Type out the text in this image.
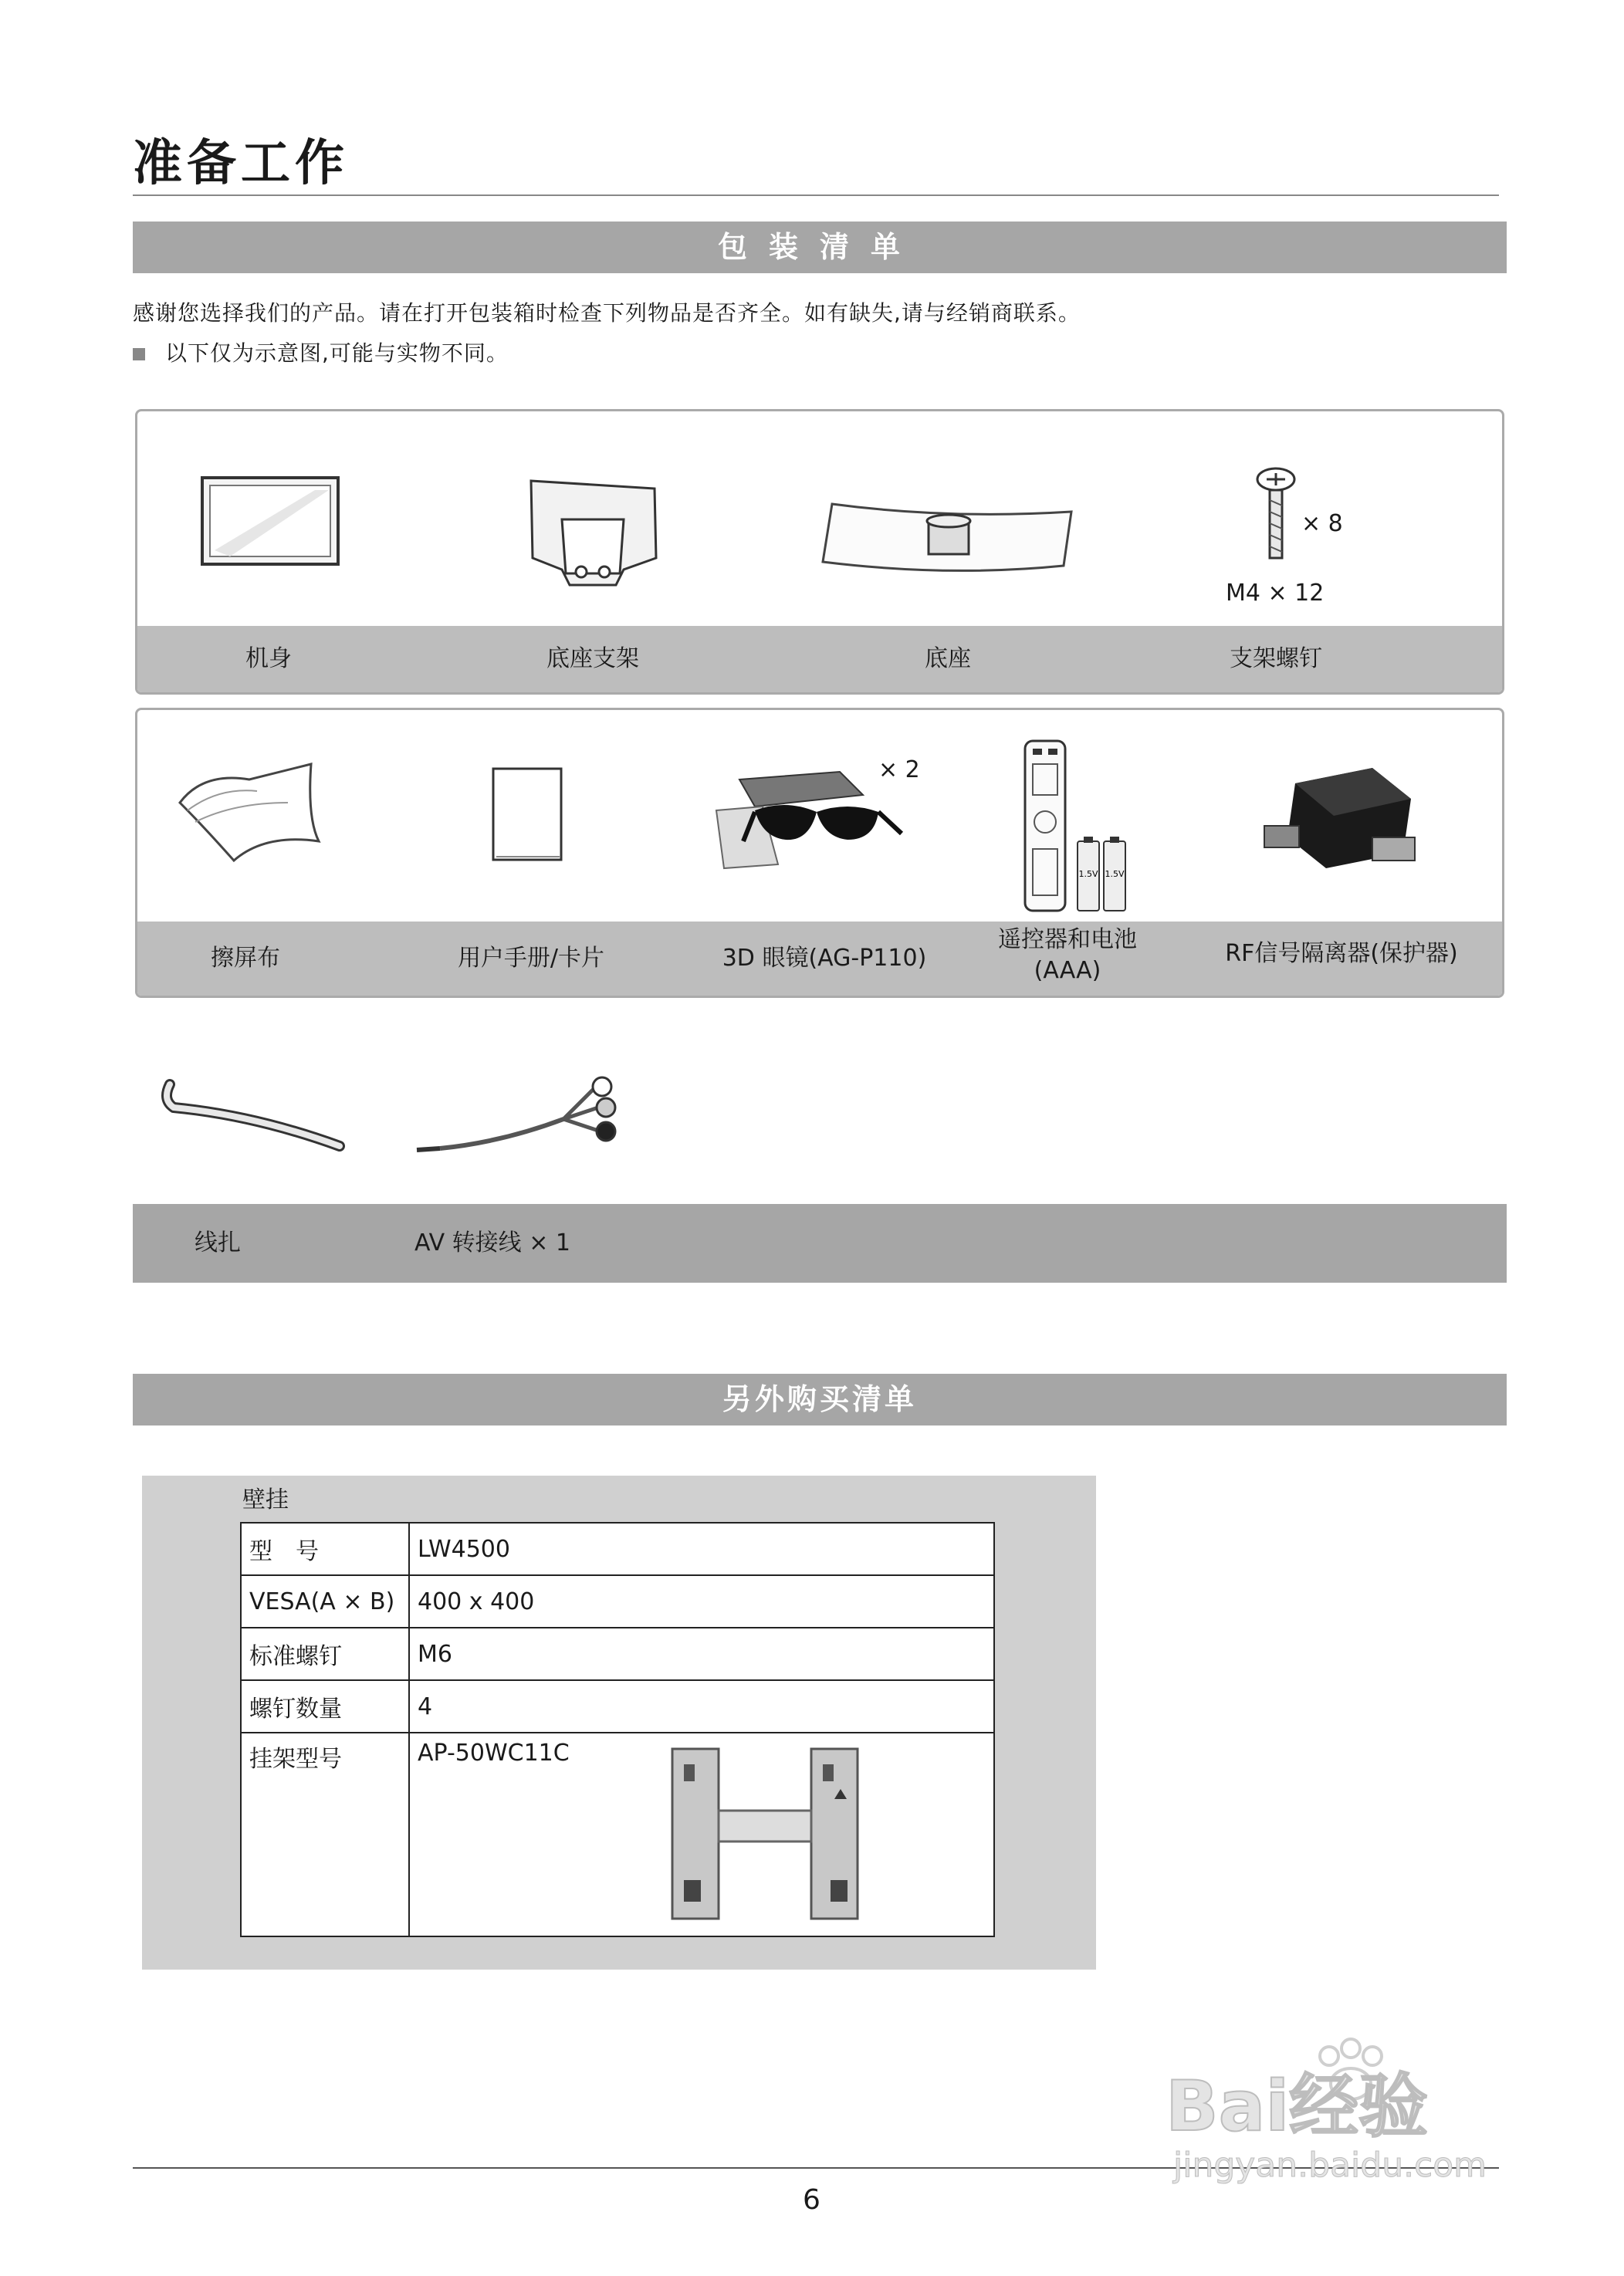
准备工作
包装清单
感谢您选择我们的产品。请在打开包装箱时检查下列物品是否齐全。如有缺失,请与经销商联系。
以下仅为示意图,可能与实物不同。
× 8
M4 × 12
机身	底座支架	底座	支架螺钉
× 2
1.5V 1.5V
擦屏布	用户手册/卡片	3D 眼镜(AG-P110)
遥控器和电池
(AAA)
RF信号隔离器(保护器)
线扎	AV 转接线 × 1
另外购买清单
壁挂
型　号	LW4500
VESA(A × B)	400 x 400
标准螺钉	M6
螺钉数量	4
挂架型号	AP-50WC11C
6
Bai经验
jingyan.baidu.com
